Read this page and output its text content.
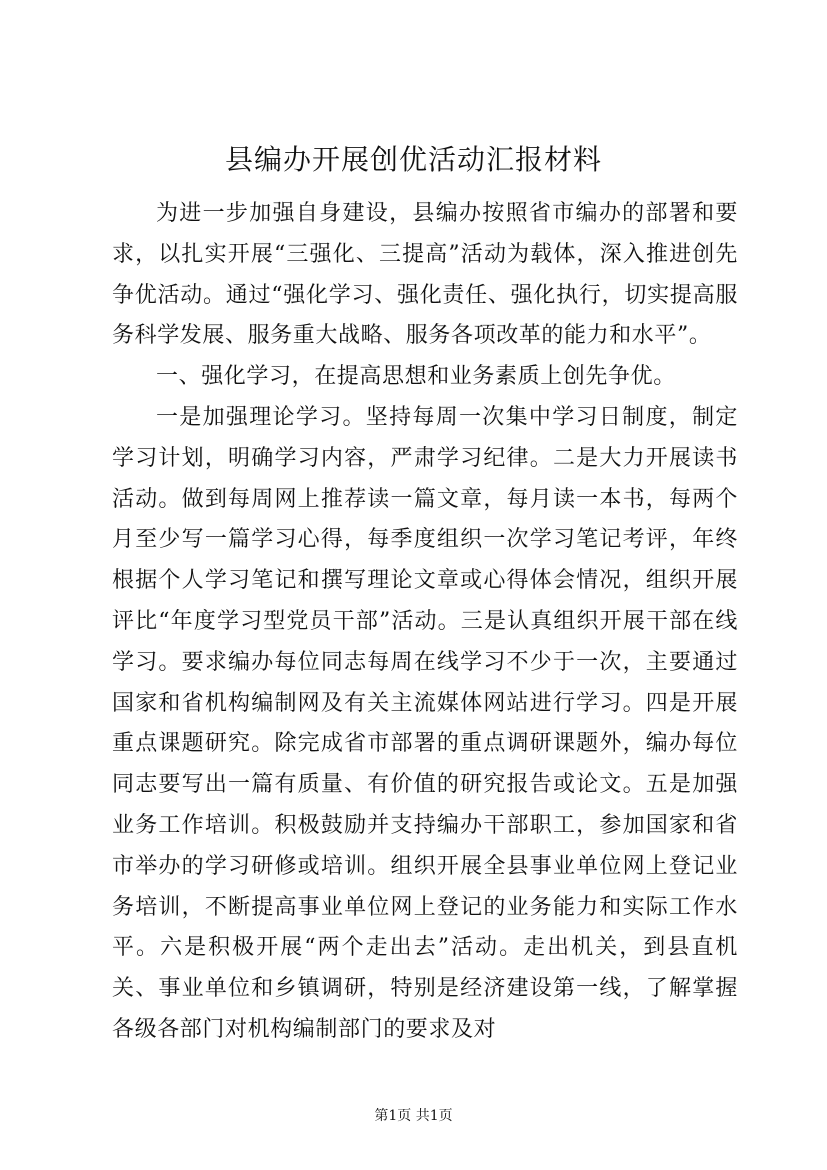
县编办开展创优活动汇报材料

为进一步加强自身建设，县编办按照省市编办的部署和要求，以扎实开展“三强化、三提高”活动为载体，深入推进创先争优活动。通过“强化学习、强化责任、强化执行，切实提高服务科学发展、服务重大战略、服务各项改革的能力和水平”。

一、强化学习，在提高思想和业务素质上创先争优。

一是加强理论学习。坚持每周一次集中学习日制度，制定学习计划，明确学习内容，严肃学习纪律。二是大力开展读书活动。做到每周网上推荐读一篇文章，每月读一本书，每两个月至少写一篇学习心得，每季度组织一次学习笔记考评，年终根据个人学习笔记和撰写理论文章或心得体会情况，组织开展评比“年度学习型党员干部”活动。三是认真组织开展干部在线学习。要求编办每位同志每周在线学习不少于一次，主要通过国家和省机构编制网及有关主流媒体网站进行学习。四是开展重点课题研究。除完成省市部署的重点调研课题外，编办每位同志要写出一篇有质量、有价值的研究报告或论文。五是加强业务工作培训。积极鼓励并支持编办干部职工，参加国家和省市举办的学习研修或培训。组织开展全县事业单位网上登记业务培训，不断提高事业单位网上登记的业务能力和实际工作水平。六是积极开展“两个走出去”活动。走出机关，到县直机关、事业单位和乡镇调研，特别是经济建设第一线，了解掌握各级各部门对机构编制部门的要求及对

第1页 共1页
